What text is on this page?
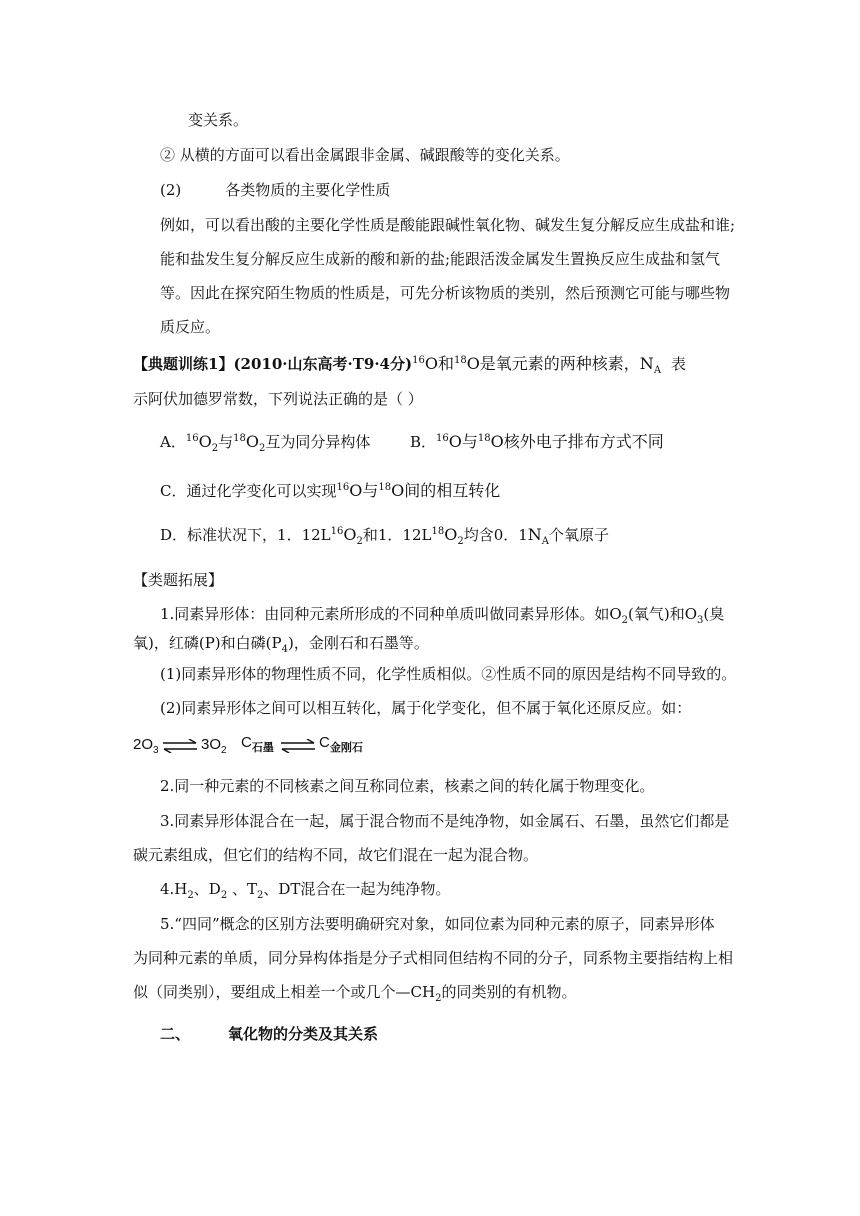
变关系。
② 从横的方面可以看出金属跟非金属、碱跟酸等的变化关系。
(2)	各类物质的主要化学性质
例如，可以看出酸的主要化学性质是酸能跟碱性氧化物、碱发生复分解反应生成盐和谁;
能和盐发生复分解反应生成新的酸和新的盐;能跟活泼金属发生置换反应生成盐和氢气
等。因此在探究陌生物质的性质是，可先分析该物质的类别，然后预测它可能与哪些物
质反应。
【典题训练1】(2010·山东高考·T9·4分)$^{16}$O和$^{18}$O是氧元素的两种核素，$N_A$ 表
示阿伏加德罗常数，下列说法正确的是（ ）
A．$^{16}O_2$与$^{18}O_2$互为同分异构体	B．$^{16}$O与$^{18}$O核外电子排布方式不同
C．通过化学变化可以实现$^{16}$O与$^{18}$O间的相互转化
D．标准状况下，1．$12L^{16}O_2$和1．$12L^{18}O_2$均含0．$1N_A$个氧原子
【类题拓展】
1.同素异形体：由同种元素所形成的不同种单质叫做同素异形体。如$O_2$(氧气)和$O_3$(臭
氧)，红磷(P)和白磷$(P_4)$，金刚石和石墨等。
(1)同素异形体的物理性质不同，化学性质相似。②性质不同的原因是结构不同导致的。
(2)同素异形体之间可以相互转化，属于化学变化，但不属于氧化还原反应。如：
$2O_3$ ⇌ $3O_2$ $C_{石墨}$ ⇌ $C_{金刚石}$
2.同一种元素的不同核素之间互称同位素，核素之间的转化属于物理变化。
3.同素异形体混合在一起，属于混合物而不是纯净物，如金属石、石墨，虽然它们都是
碳元素组成，但它们的结构不同，故它们混在一起为混合物。
$4.H_2$、$D_2$ 、$T_2$、DT混合在一起为纯净物。
5.“四同”概念的区别方法要明确研究对象，如同位素为同种元素的原子，同素异形体
为同种元素的单质，同分异构体指是分子式相同但结构不同的分子，同系物主要指结构上相
似（同类别），要组成上相差一个或几个$—CH_2$的同类别的有机物。
二、	氧化物的分类及其关系
